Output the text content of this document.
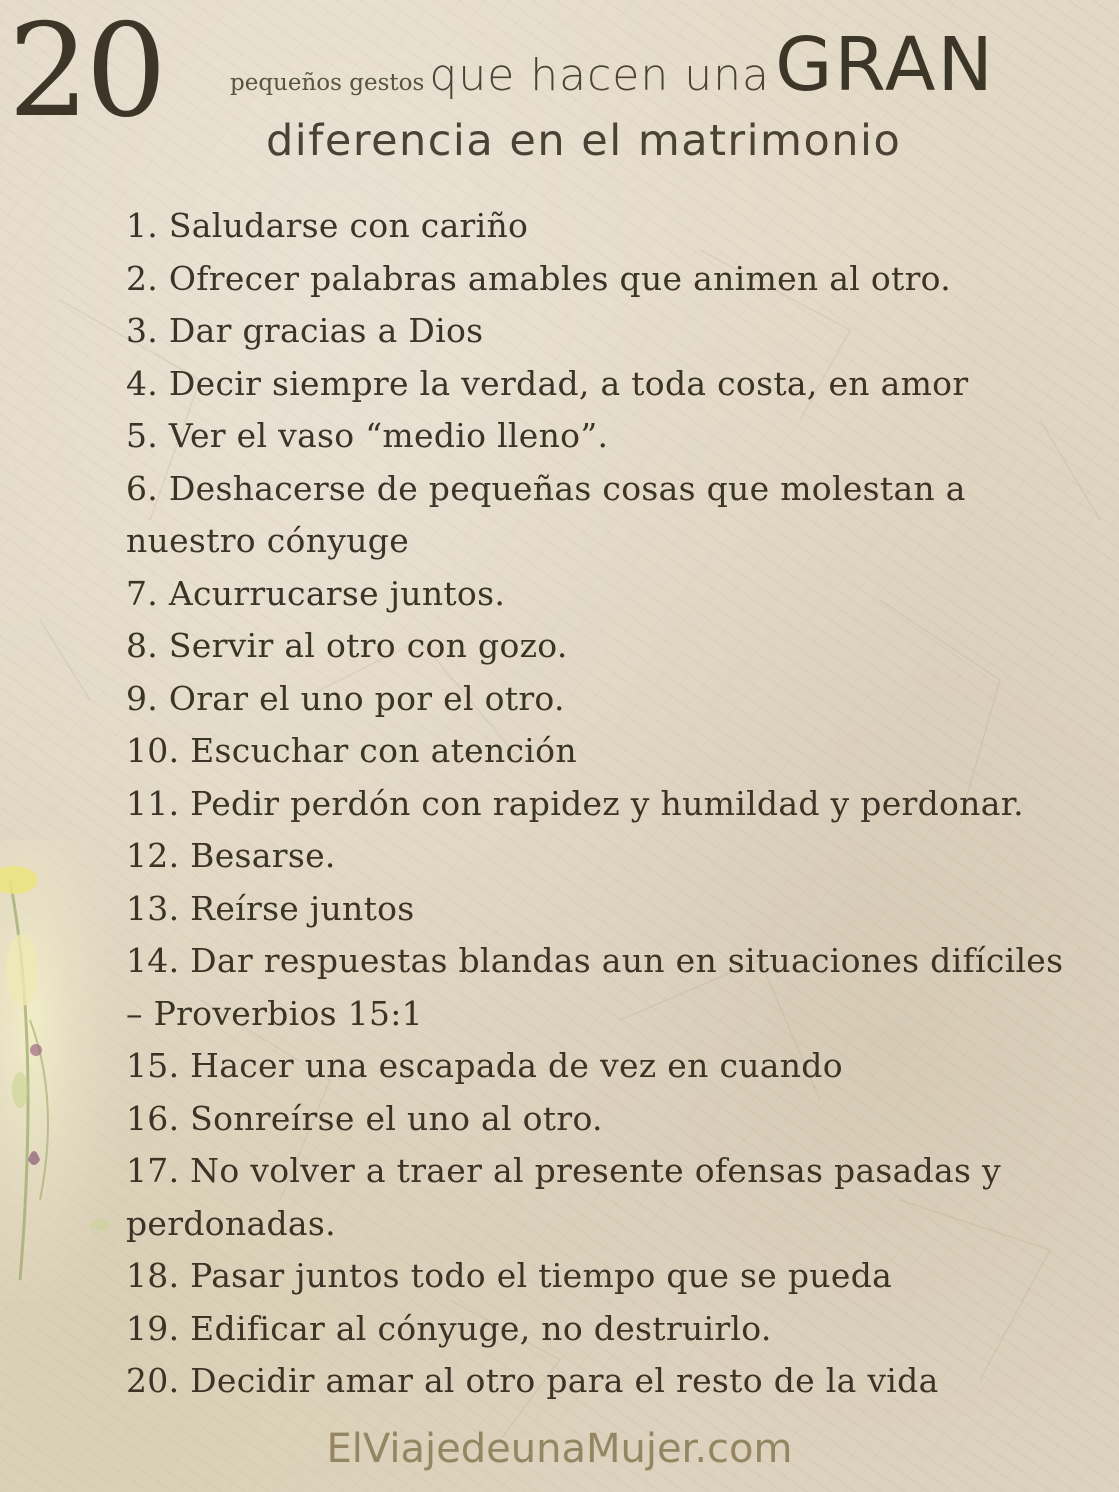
20	pequeños gestos que hacen una GRAN
diferencia en el matrimonio
1. Saludarse con cariño
2. Ofrecer palabras amables que animen al otro.
3. Dar gracias a Dios
4. Decir siempre la verdad, a toda costa, en amor
5. Ver el vaso “medio lleno”.
6. Deshacerse de pequeñas cosas que molestan a nuestro cónyuge
7. Acurrucarse juntos.
8. Servir al otro con gozo.
9. Orar el uno por el otro.
10. Escuchar con atención
11. Pedir perdón con rapidez y humildad y perdonar.
12. Besarse.
13. Reírse juntos
14. Dar respuestas blandas aun en situaciones difíciles – Proverbios 15:1
15. Hacer una escapada de vez en cuando
16. Sonreírse el uno al otro.
17. No volver a traer al presente ofensas pasadas y perdonadas.
18. Pasar juntos todo el tiempo que se pueda
19. Edificar al cónyuge, no destruirlo.
20. Decidir amar al otro para el resto de la vida
ElViajedeunaMujer.com
